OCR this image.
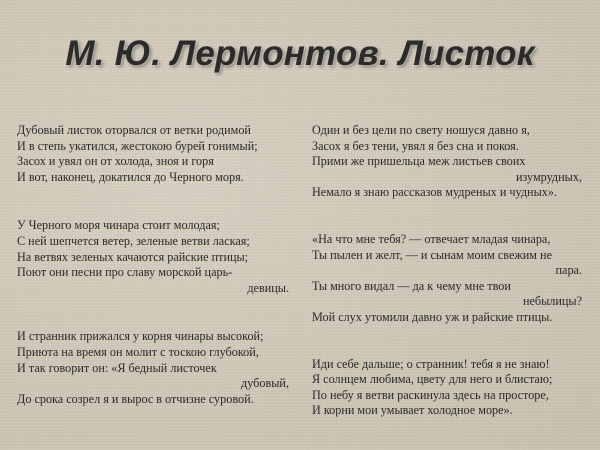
М. Ю. Лермонтов. Листок
Дубовый листок оторвался от ветки родимой
И в степь укатился, жестокою бурей гонимый;
Засох и увял он от холода, зноя и горя
И вот, наконец, докатился до Черного моря.
У Черного моря чинара стоит молодая;
С ней шепчется ветер, зеленые ветви лаская;
На ветвях зеленых качаются райские птицы;
Поют они песни про славу морской царь-
девицы.
И странник прижался у корня чинары высокой;
Приюта на время он молит с тоскою глубокой,
И так говорит он: «Я бедный листочек
дубовый,
До срока созрел я и вырос в отчизне суровой.
Один и без цели по свету ношуся давно я,
Засох я без тени, увял я без сна и покоя.
Прими же пришельца меж листьев своих
изумрудных,
Немало я знаю рассказов мудреных и чудных».
«На что мне тебя? — отвечает младая чинара,
Ты пылен и желт, — и сынам моим свежим не
пара.
Ты много видал — да к чему мне твои
небылицы?
Мой слух утомили давно уж и райские птицы.
Иди себе дальше; о странник! тебя я не знаю!
Я солнцем любима, цвету для него и блистаю;
По небу я ветви раскинула здесь на просторе,
И корни мои умывает холодное море».
